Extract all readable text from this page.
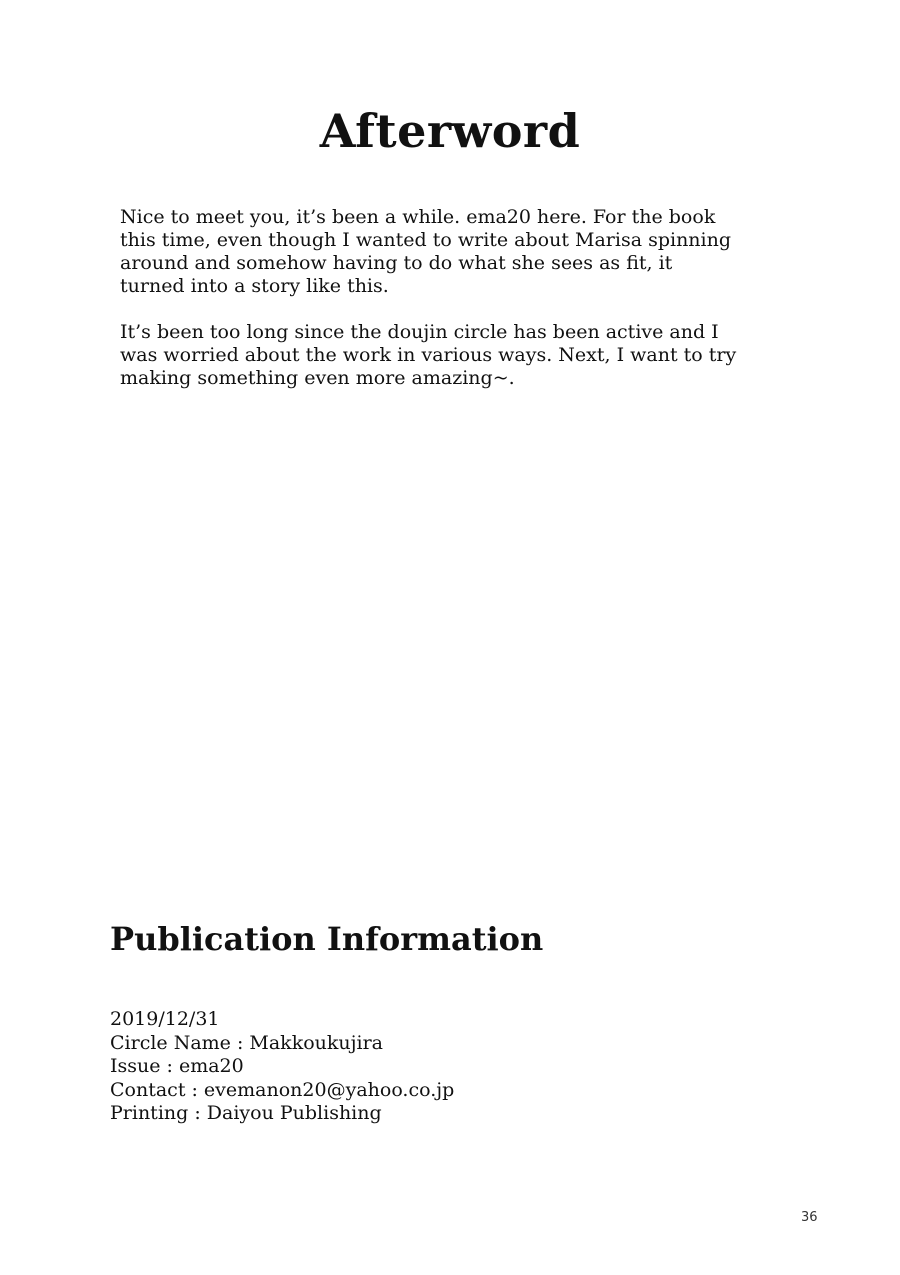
Afterword

Nice to meet you, it’s been a while. ema20 here. For the book
this time, even though I wanted to write about Marisa spinning
around and somehow having to do what she sees as fit, it
turned into a story like this.

It’s been too long since the doujin circle has been active and I
was worried about the work in various ways. Next, I want to try
making something even more amazing~.

Publication Information
2019/12/31
Circle Name : Makkoukujira
Issue : ema20
Contact : evemanon20@yahoo.co.jp
Printing : Daiyou Publishing
36
